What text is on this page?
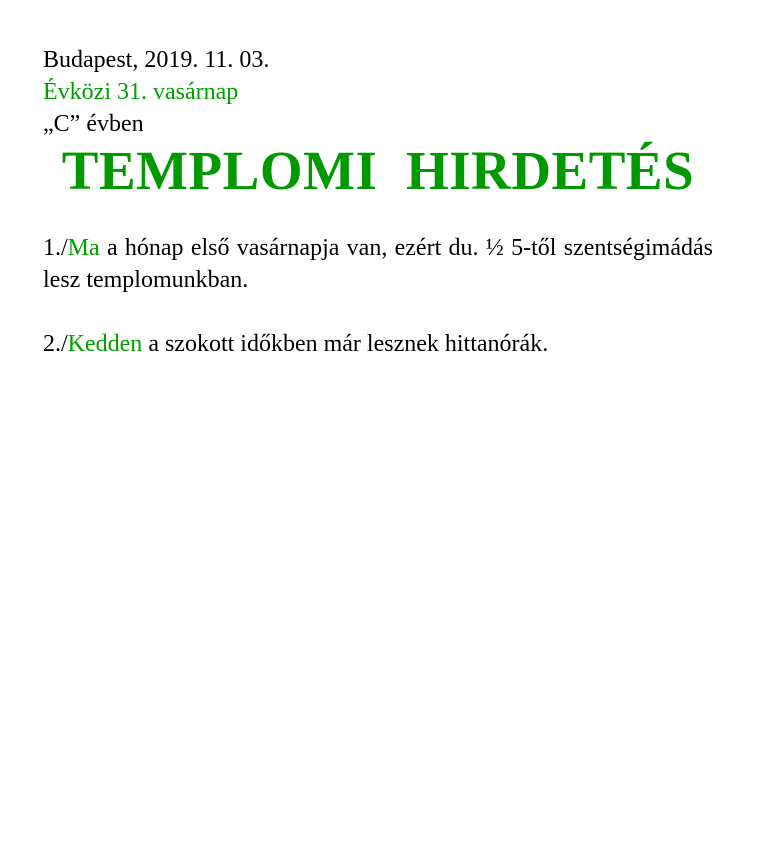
Budapest, 2019. 11. 03.
Évközi 31. vasárnap
„C” évben
TEMPLOMI  HIRDETÉS
1./Ma a hónap első vasárnapja van, ezért du. ½ 5-től szentségimádás lesz templomunkban.
2./Kedden a szokott időkben már lesznek hittanórák.
